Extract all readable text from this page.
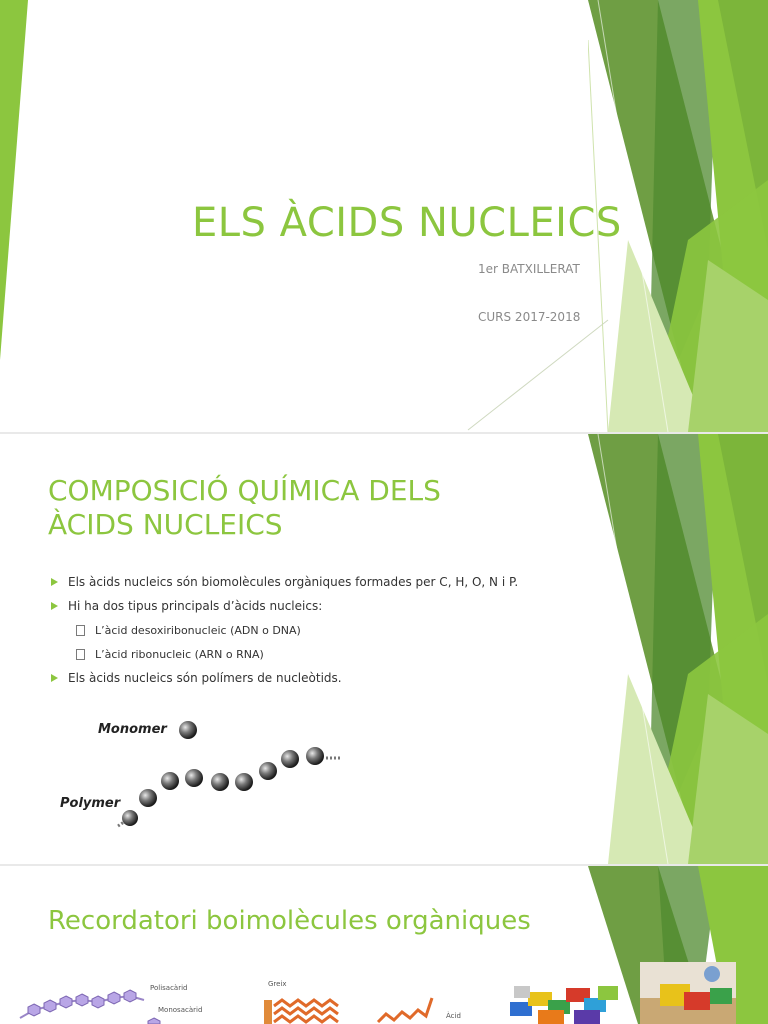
ELS ÀCIDS NUCLEICS
1er BATXILLERAT
CURS 2017-2018
COMPOSICIÓ QUÍMICA DELS ÀCIDS NUCLEICS
Els àcids nucleics són biomolècules orgàniques formades per C, H, O, N i P.
Hi ha dos tipus principals d’àcids nucleics:
L’àcid desoxiribonucleic (ADN o DNA)
L’àcid ribonucleic (ARN o RNA)
Els àcids nucleics són polímers de nucleòtids.
Monomer
Polymer
Recordatori boimolècules orgàniques
Polisacàrid
Monosacàrid
Greix
Àcid
